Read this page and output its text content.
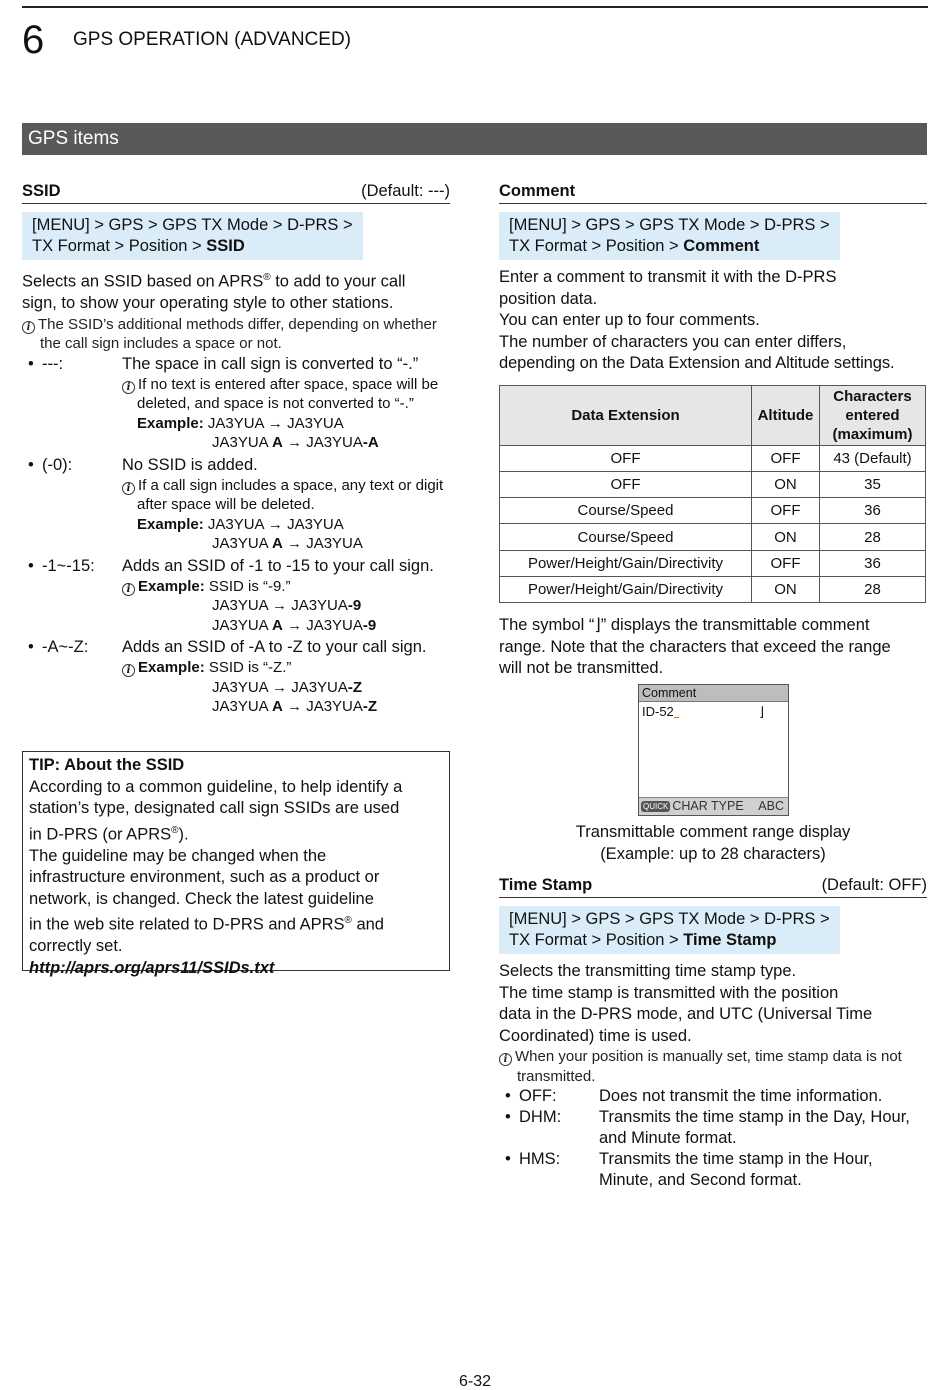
6 GPS OPERATION (ADVANCED)
GPS items
SSID	(Default: ---)
[MENU] > GPS > GPS TX Mode > D-PRS >
TX Format > Position > SSID
Selects an SSID based on APRS® to add to your call
sign, to show your operating style to other stations.
i The SSID’s additional methods differ, depending on whether the call sign includes a space or not.
• ---:	The space in call sign is converted to “-.”
i If no text is entered after space, space will be deleted, and space is not converted to “-.”
Example: JA3YUA → JA3YUA
JA3YUA A → JA3YUA-A
• (-0):	No SSID is added.
i If a call sign includes a space, any text or digit after space will be deleted.
Example: JA3YUA → JA3YUA
JA3YUA A → JA3YUA
• -1~-15:	Adds an SSID of -1 to -15 to your call sign.
i Example: SSID is “-9.”
JA3YUA → JA3YUA-9
JA3YUA A → JA3YUA-9
• -A~-Z:	Adds an SSID of -A to -Z to your call sign.
i Example: SSID is “-Z.”
JA3YUA → JA3YUA-Z
JA3YUA A → JA3YUA-Z
TIP: About the SSID
According to a common guideline, to help identify a
station’s type, designated call sign SSIDs are used
in D-PRS (or APRS®).
The guideline may be changed when the
infrastructure environment, such as a product or
network, is changed. Check the latest guideline
in the web site related to D-PRS and APRS® and
correctly set.
http://aprs.org/aprs11/SSIDs.txt
Comment
[MENU] > GPS > GPS TX Mode > D-PRS >
TX Format > Position > Comment
Enter a comment to transmit it with the D-PRS
position data.
You can enter up to four comments.
The number of characters you can enter differs,
depending on the Data Extension and Altitude settings.
Data Extension	Altitude	Characters entered (maximum)
OFF	OFF	43 (Default)
OFF	ON	35
Course/Speed	OFF	36
Course/Speed	ON	28
Power/Height/Gain/Directivity	OFF	36
Power/Height/Gain/Directivity	ON	28
The symbol “⌋” displays the transmittable comment
range. Note that the characters that exceed the range
will not be transmitted.
Comment
ID-52	⌋
QUICK CHAR TYPE ABC
Transmittable comment range display
(Example: up to 28 characters)
Time Stamp	(Default: OFF)
[MENU] > GPS > GPS TX Mode > D-PRS >
TX Format > Position > Time Stamp
Selects the transmitting time stamp type.
The time stamp is transmitted with the position
data in the D-PRS mode, and UTC (Universal Time
Coordinated) time is used.
i When your position is manually set, time stamp data is not transmitted.
• OFF:	Does not transmit the time information.
• DHM:	Transmits the time stamp in the Day, Hour, and Minute format.
• HMS:	Transmits the time stamp in the Hour, Minute, and Second format.
6-32
